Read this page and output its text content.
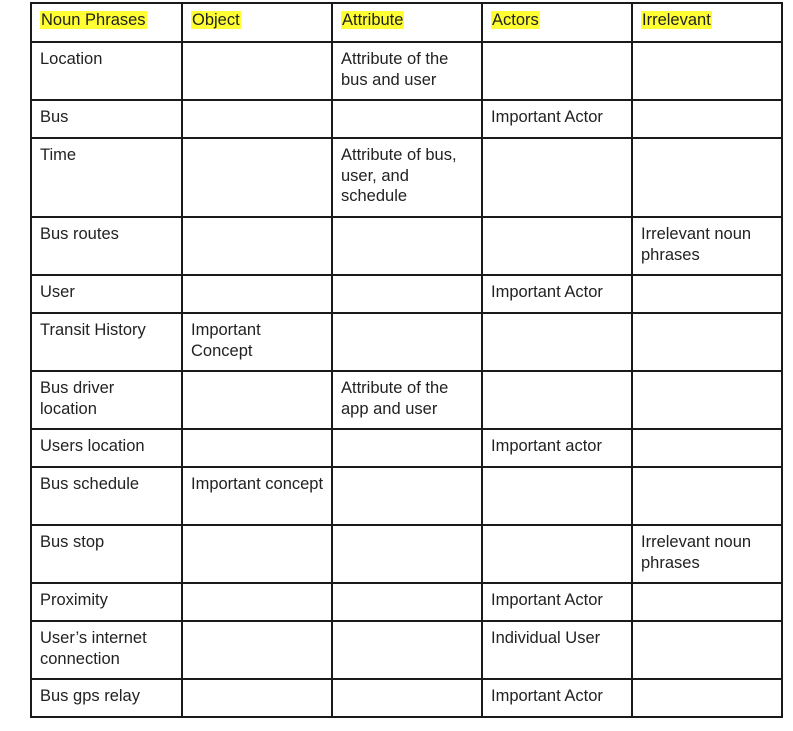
Noun Phrases	Object	Attribute	Actors	Irrelevant
Location		Attribute of the bus and user		
Bus			Important Actor	
Time		Attribute of bus, user, and schedule		
Bus routes				Irrelevant noun phrases
User			Important Actor	
Transit History	Important Concept			
Bus driver location		Attribute of the app and user		
Users location			Important actor	
Bus schedule	Important concept			
Bus stop				Irrelevant noun phrases
Proximity			Important Actor	
User’s internet connection			Individual User	
Bus gps relay			Important Actor	
